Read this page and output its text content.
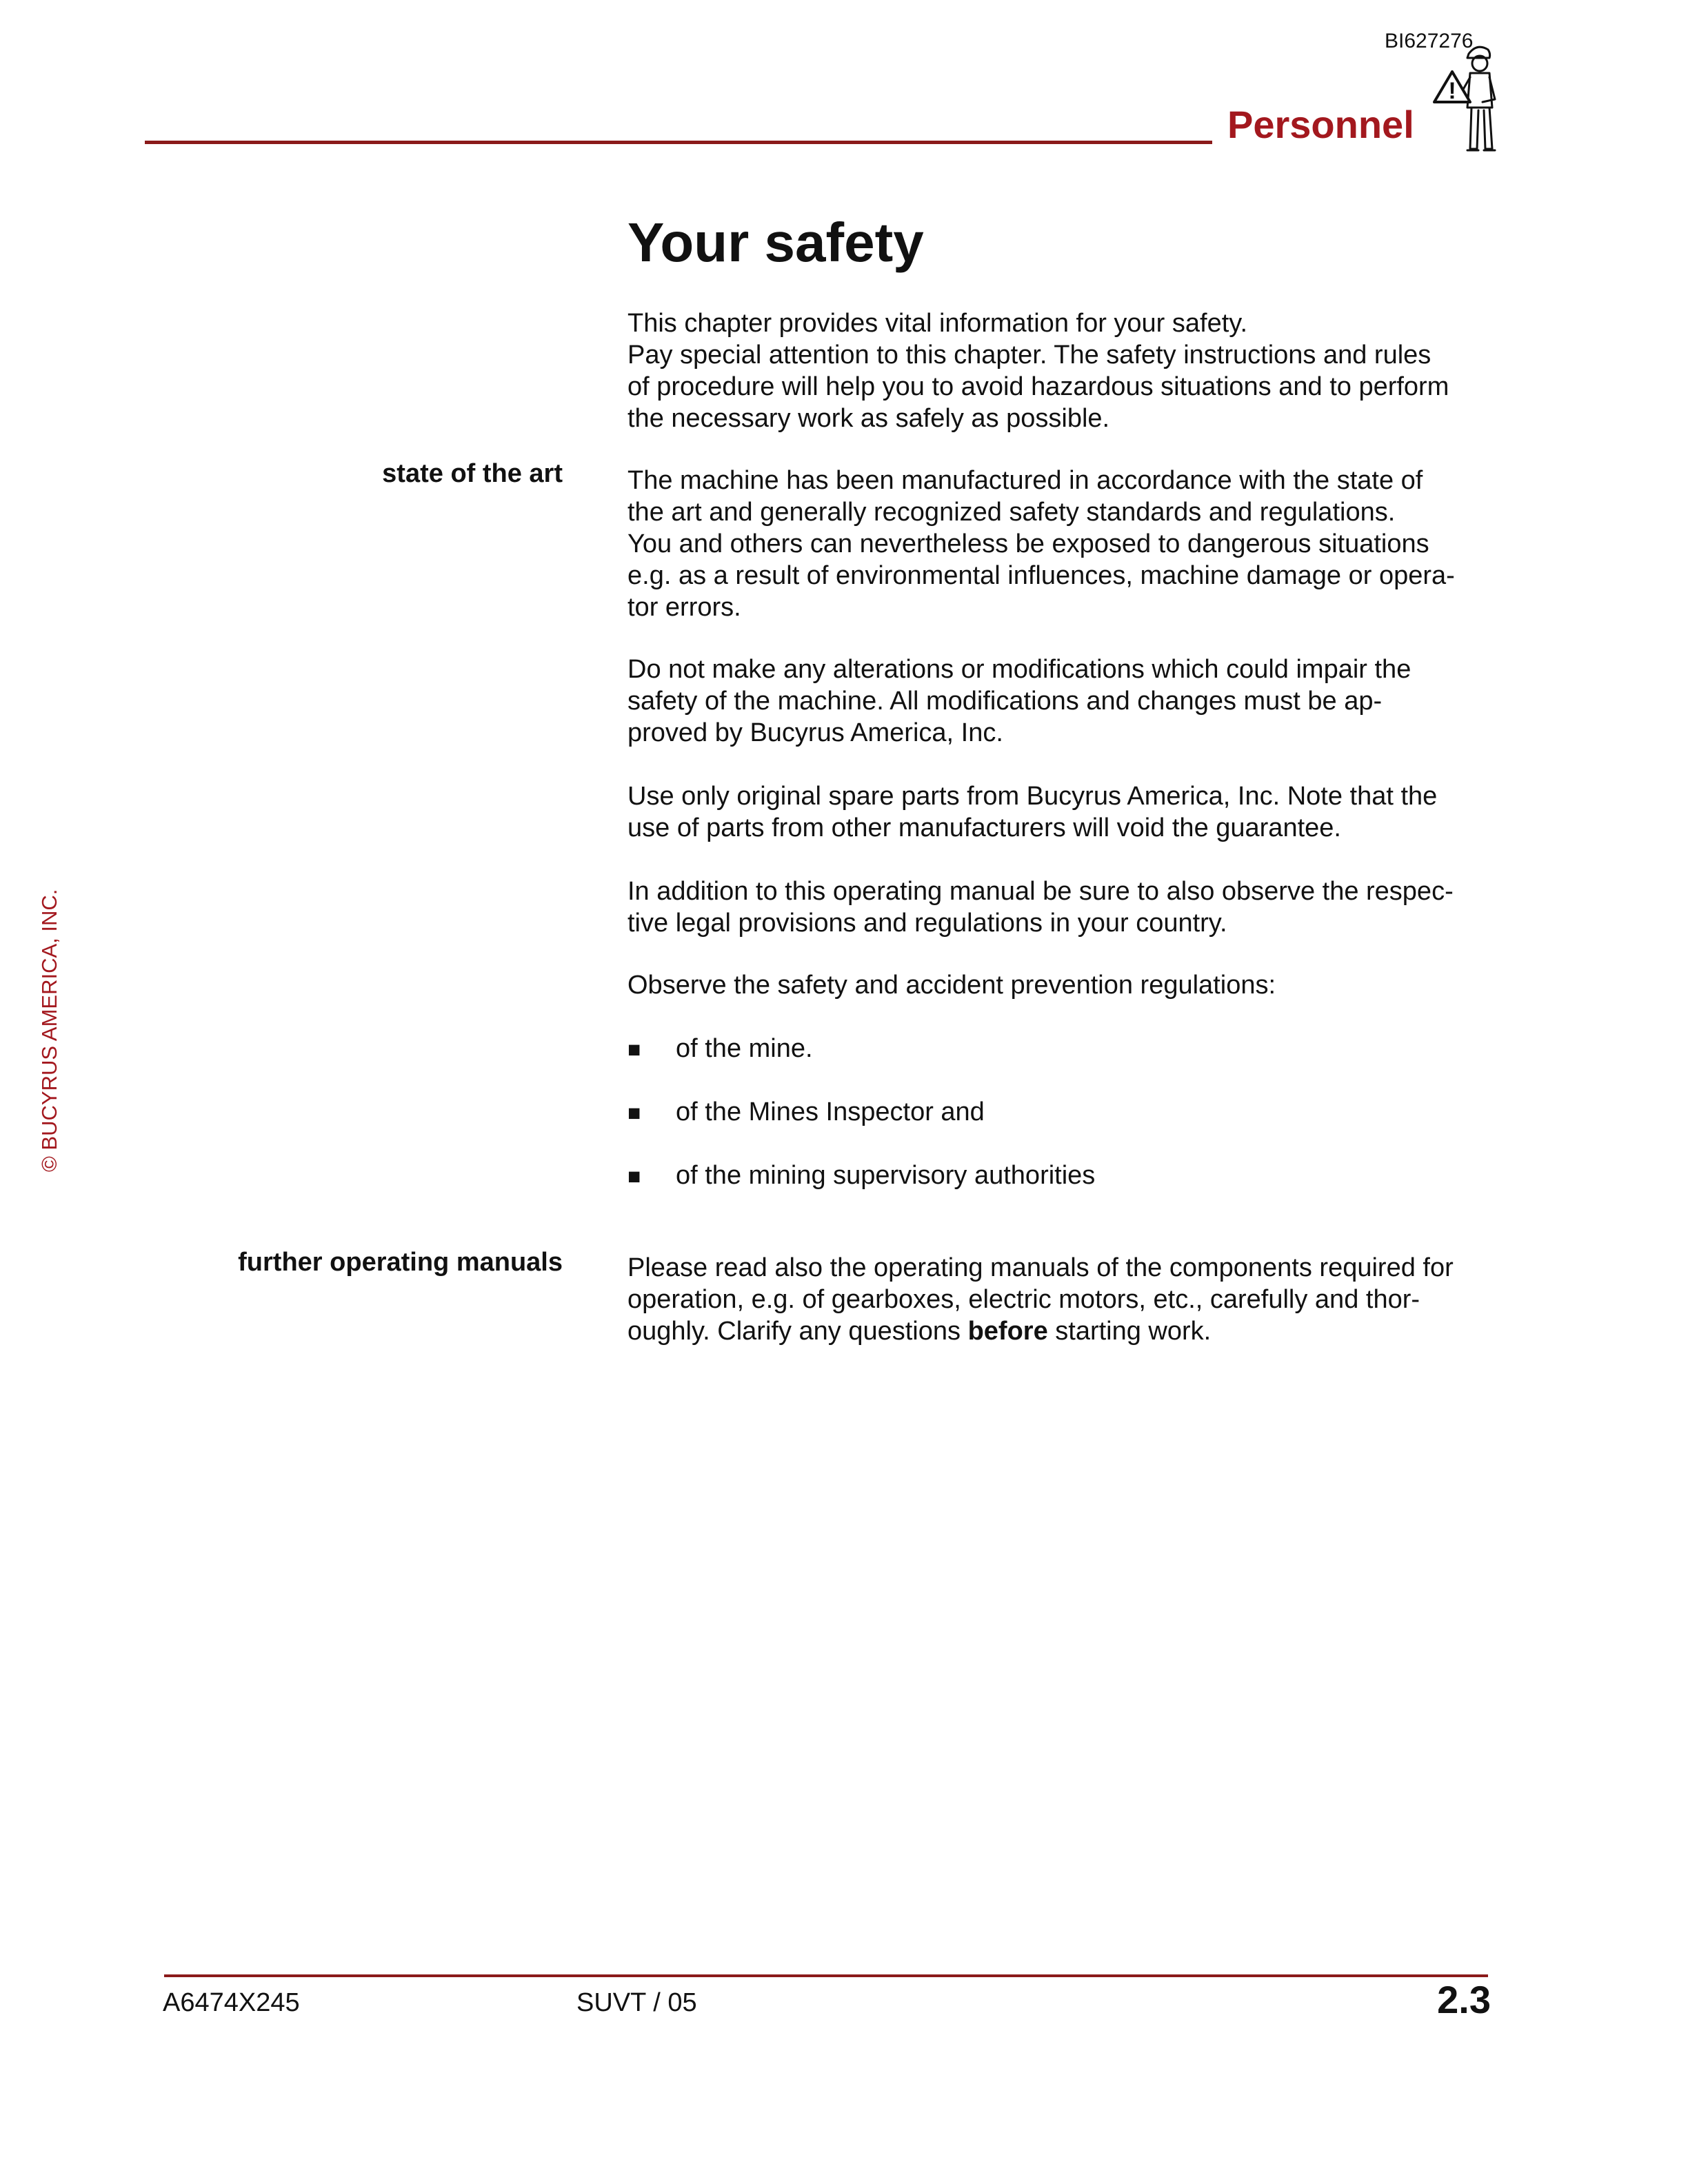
BI627276
Personnel
!
© BUCYRUS AMERICA, INC.
Your safety
This chapter provides vital information for your safety.
Pay special attention to this chapter. The safety instructions and rules
of procedure will help you to avoid hazardous situations and to perform
the necessary work as safely as possible.
state of the art The machine has been manufactured in accordance with the state of
the art and generally recognized safety standards and regulations.
You and others can nevertheless be exposed to dangerous situations
e.g. as a result of environmental influences, machine damage or opera-
tor errors.
Do not make any alterations or modifications which could impair the
safety of the machine. All modifications and changes must be ap-
proved by Bucyrus America, Inc.
Use only original spare parts from Bucyrus America, Inc. Note that the
use of parts from other manufacturers will void the guarantee.
In addition to this operating manual be sure to also observe the respec-
tive legal provisions and regulations in your country.
Observe the safety and accident prevention regulations:
■ of the mine.
■ of the Mines Inspector and
■ of the mining supervisory authorities
further operating manuals Please read also the operating manuals of the components required for
operation, e.g. of gearboxes, electric motors, etc., carefully and thor-
oughly. Clarify any questions before starting work.
A6474X245	SUVT / 05	2.3
